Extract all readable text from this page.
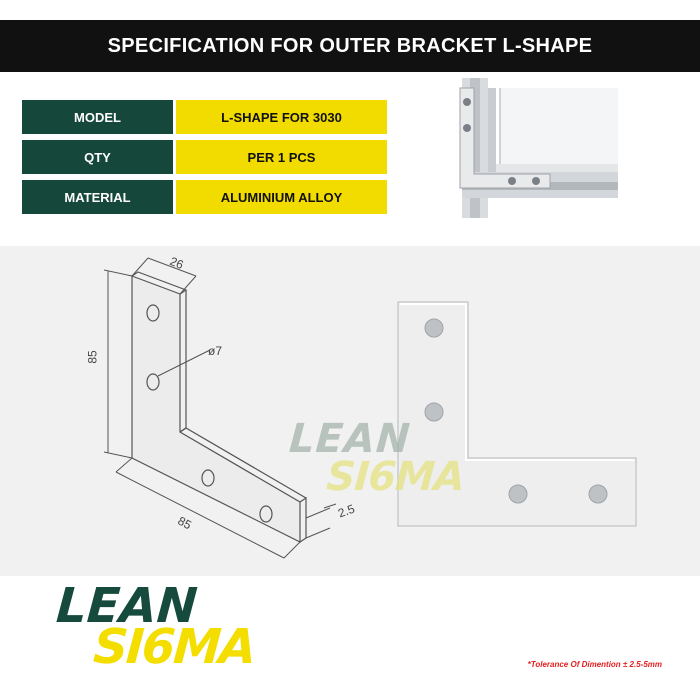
SPECIFICATION FOR OUTER BRACKET L-SHAPE
MODEL	L-SHAPE FOR 3030
QTY	PER 1 PCS
MATERIAL	ALUMINIUM ALLOY
26
85	ø7
85
2.5
LEAN
SI6MA
LEAN
SI6MA	*Tolerance Of Dimention ± 2.5-5mm
